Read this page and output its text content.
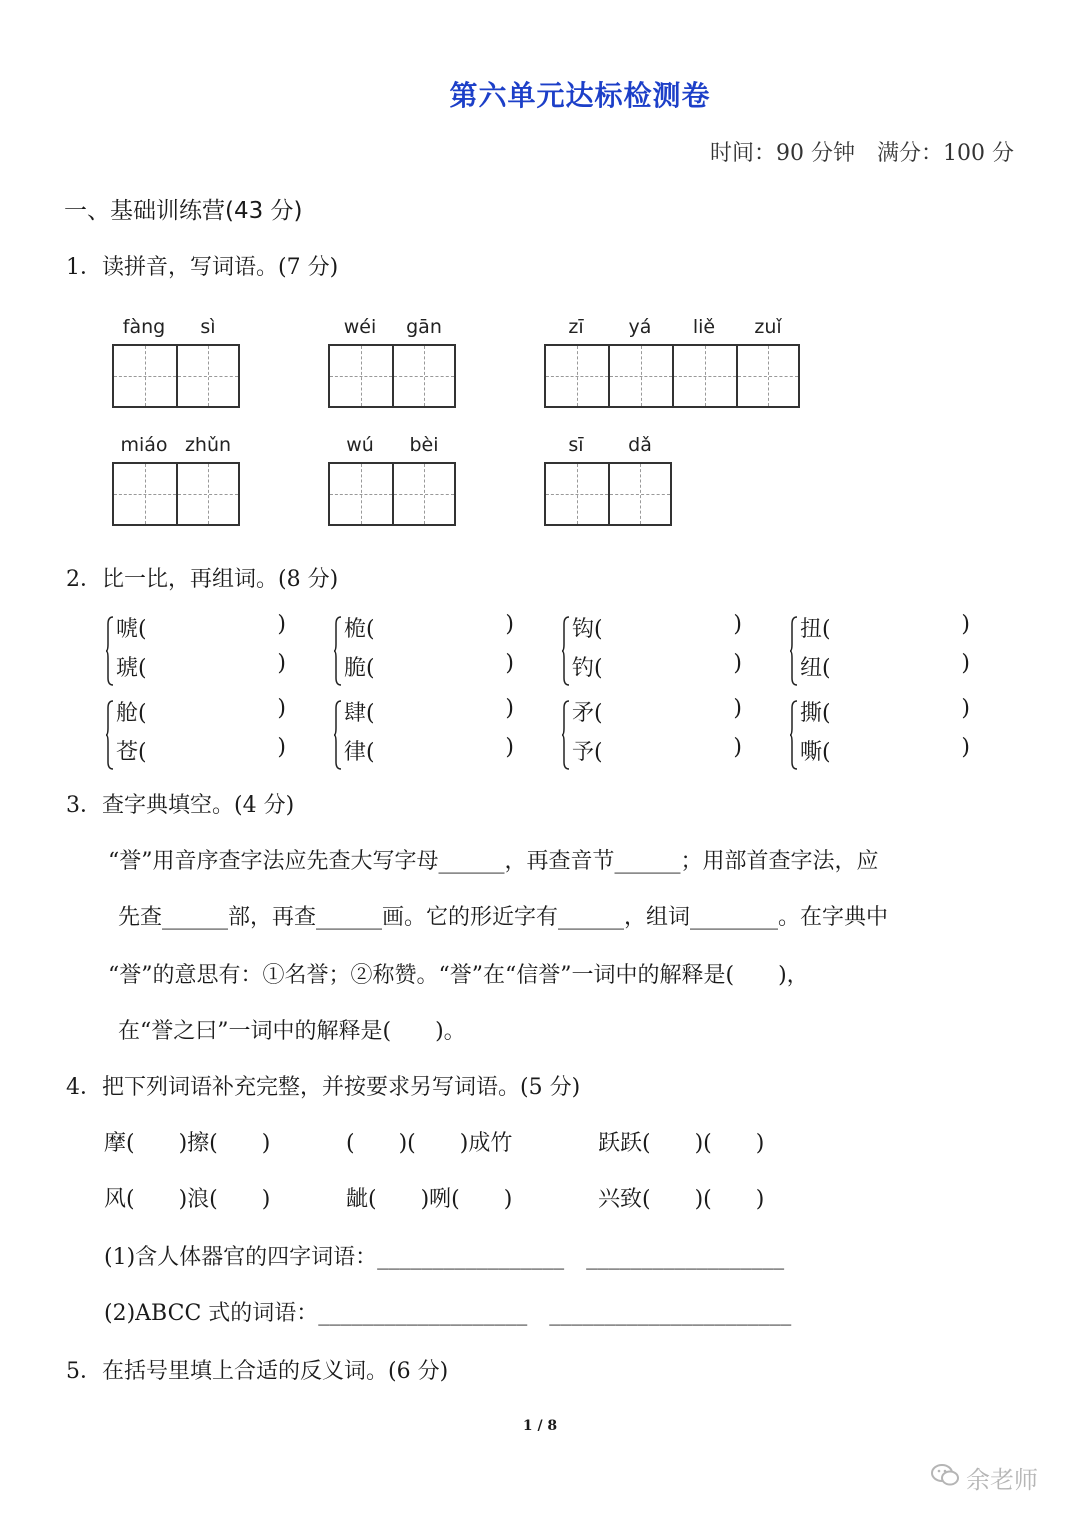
第六单元达标检测卷
时间：90 分钟　满分：100 分
一、基础训练营(43 分)
1．读拼音，写词语。(7 分)
fàng	sì	wéi	gān	zī	yá	liě	zuǐ
miáo zhǔn	wú	bèi	sī	dǎ
2．比一比，再组词。(8 分)
唬(	)
琥(	)
桅(	)
脆(	)
钩(	)
钓(	)
扭(	)
纽(	)
舱(	)
苍(	)
肆(	)
律(	)
矛(	)
予(	)
撕(	)
嘶(	)
3．查字典填空。(4 分)
“誉”用音序查字法应先查大写字母______，再查音节______；用部首查字法，应
先查______部，再查______画。它的形近字有______，组词________。在字典中
“誉”的意思有：①名誉；②称赞。“誉”在“信誉”一词中的解释是(　　)，
在“誉之曰”一词中的解释是(　　)。
4．把下列词语补充完整，并按要求另写词语。(5 分)
摩(　　)擦(　　)	(　　)(　　)成竹	跃跃(　　)(　　)
风(　　)浪(　　)	龇(　　)咧(　　)	兴致(　　)(　　)
(1)含人体器官的四字词语：_________________　__________________
(2)ABCC 式的词语：___________________　______________________
5．在括号里填上合适的反义词。(6 分)
1 / 8
余老师
